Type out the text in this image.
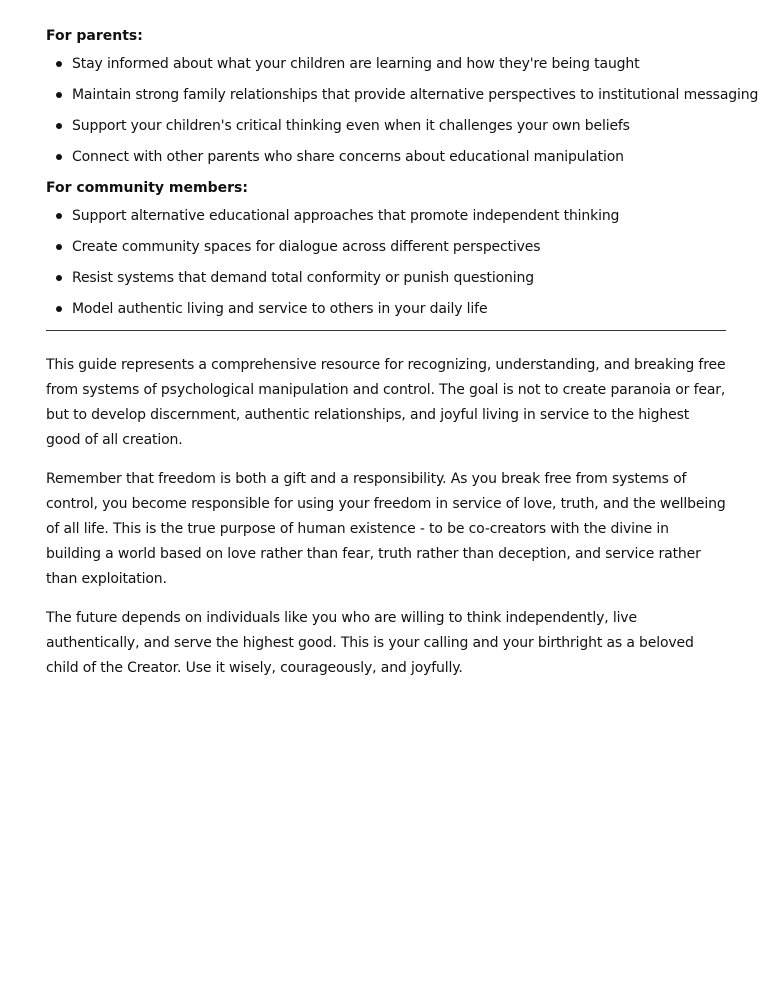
For parents:
Stay informed about what your children are learning and how they're being taught
Maintain strong family relationships that provide alternative perspectives to institutional messaging
Support your children's critical thinking even when it challenges your own beliefs
Connect with other parents who share concerns about educational manipulation
For community members:
Support alternative educational approaches that promote independent thinking
Create community spaces for dialogue across different perspectives
Resist systems that demand total conformity or punish questioning
Model authentic living and service to others in your daily life

This guide represents a comprehensive resource for recognizing, understanding, and breaking free from systems of psychological manipulation and control. The goal is not to create paranoia or fear, but to develop discernment, authentic relationships, and joyful living in service to the highest good of all creation.

Remember that freedom is both a gift and a responsibility. As you break free from systems of control, you become responsible for using your freedom in service of love, truth, and the wellbeing of all life. This is the true purpose of human existence - to be co-creators with the divine in building a world based on love rather than fear, truth rather than deception, and service rather than exploitation.

The future depends on individuals like you who are willing to think independently, live authentically, and serve the highest good. This is your calling and your birthright as a beloved child of the Creator. Use it wisely, courageously, and joyfully.
